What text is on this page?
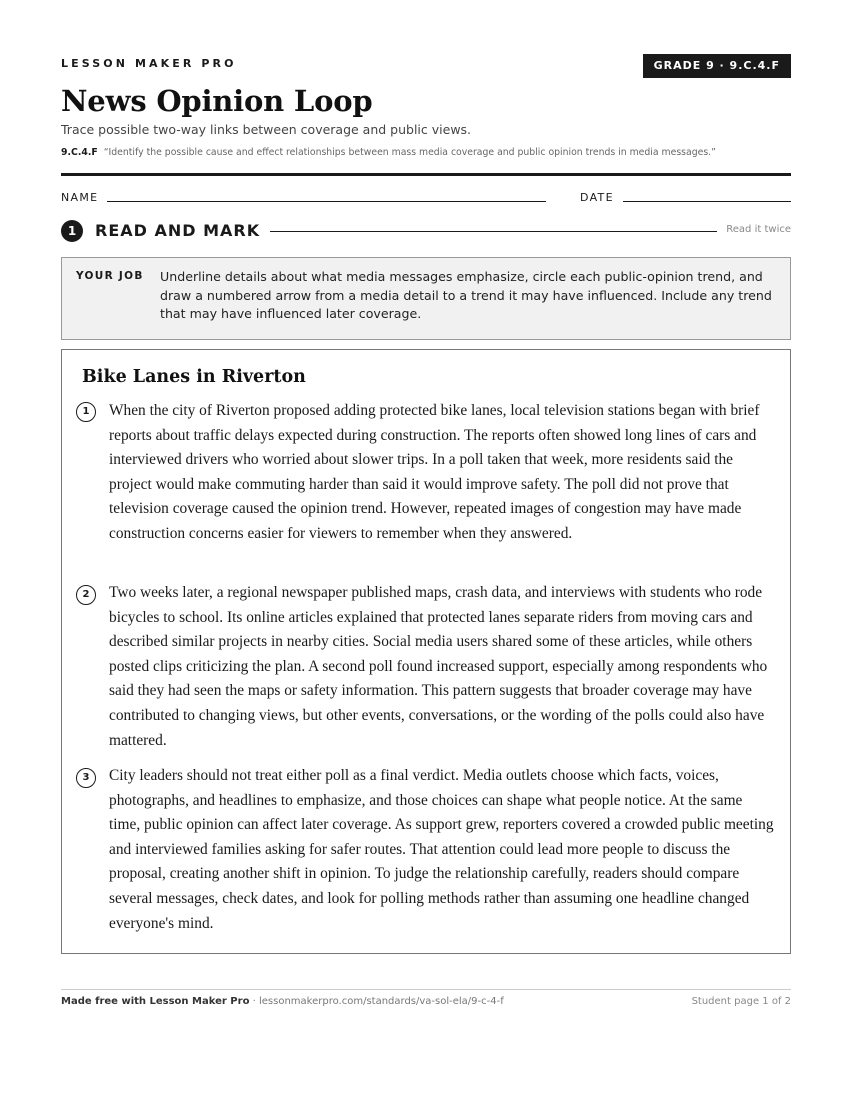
LESSON MAKER PRO	GRADE 9 · 9.C.4.F
News Opinion Loop
Trace possible two-way links between coverage and public views.
9.C.4.F “Identify the possible cause and effect relationships between mass media coverage and public opinion trends in media messages.”
NAME	DATE
1	READ AND MARK	Read it twice
YOUR JOB Underline details about what media messages emphasize, circle each public-opinion trend, and draw a numbered arrow from a media detail to a trend it may have influenced. Include any trend that may have influenced later coverage.
Bike Lanes in Riverton
1	When the city of Riverton proposed adding protected bike lanes, local television stations began with brief reports about traffic delays expected during construction. The reports often showed long lines of cars and interviewed drivers who worried about slower trips. In a poll taken that week, more residents said the project would make commuting harder than said it would improve safety. The poll did not prove that television coverage caused the opinion trend. However, repeated images of congestion may have made construction concerns easier for viewers to remember when they answered.
2	Two weeks later, a regional newspaper published maps, crash data, and interviews with students who rode bicycles to school. Its online articles explained that protected lanes separate riders from moving cars and described similar projects in nearby cities. Social media users shared some of these articles, while others posted clips criticizing the plan. A second poll found increased support, especially among respondents who said they had seen the maps or safety information. This pattern suggests that broader coverage may have contributed to changing views, but other events, conversations, or the wording of the polls could also have mattered.
3	City leaders should not treat either poll as a final verdict. Media outlets choose which facts, voices, photographs, and headlines to emphasize, and those choices can shape what people notice. At the same time, public opinion can affect later coverage. As support grew, reporters covered a crowded public meeting and interviewed families asking for safer routes. That attention could lead more people to discuss the proposal, creating another shift in opinion. To judge the relationship carefully, readers should compare several messages, check dates, and look for polling methods rather than assuming one headline changed everyone's mind.
Made free with Lesson Maker Pro · lessonmakerpro.com/standards/va-sol-ela/9-c-4-f	Student page 1 of 2
